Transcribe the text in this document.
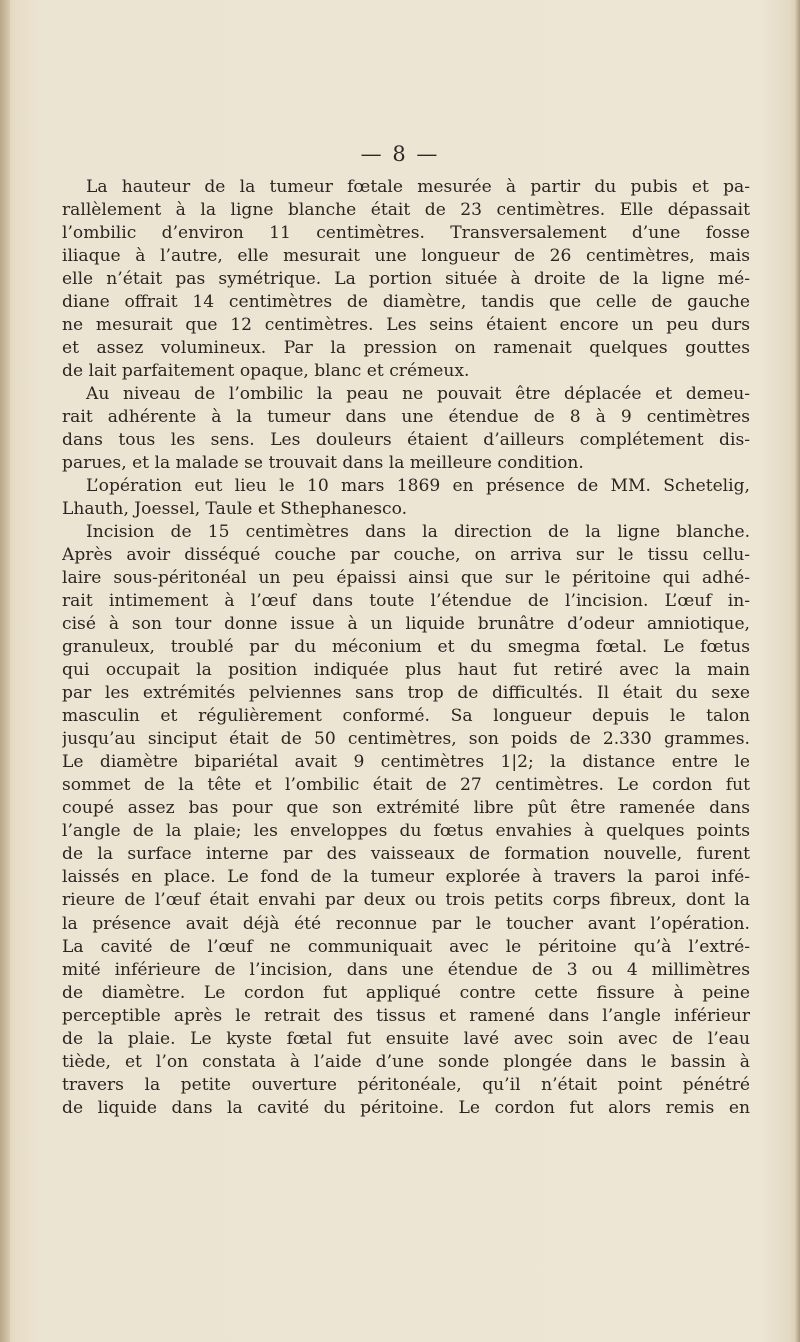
— 8 —
La hauteur de la tumeur fœtale mesurée à partir du pubis et pa-
rallèlement à la ligne blanche était de 23 centimètres. Elle dépassait
l’ombilic d’environ 11 centimètres. Transversalement d’une fosse
iliaque à l’autre, elle mesurait une longueur de 26 centimètres, mais
elle n’était pas symétrique. La portion située à droite de la ligne mé-
diane offrait 14 centimètres de diamètre, tandis que celle de gauche
ne mesurait que 12 centimètres. Les seins étaient encore un peu durs
et assez volumineux. Par la pression on ramenait quelques gouttes
de lait parfaitement opaque, blanc et crémeux.
Au niveau de l’ombilic la peau ne pouvait être déplacée et demeu-
rait adhérente à la tumeur dans une étendue de 8 à 9 centimètres
dans tous les sens. Les douleurs étaient d’ailleurs complétement dis-
parues, et la malade se trouvait dans la meilleure condition.
L’opération eut lieu le 10 mars 1869 en présence de MM. Schetelig,
Lhauth, Joessel, Taule et Sthephanesco.
Incision de 15 centimètres dans la direction de la ligne blanche.
Après avoir disséqué couche par couche, on arriva sur le tissu cellu-
laire sous-péritonéal un peu épaissi ainsi que sur le péritoine qui adhé-
rait intimement à l’œuf dans toute l’étendue de l’incision. L’œuf in-
cisé à son tour donne issue à un liquide brunâtre d’odeur amniotique,
granuleux, troublé par du méconium et du smegma fœtal. Le fœtus
qui occupait la position indiquée plus haut fut retiré avec la main
par les extrémités pelviennes sans trop de difficultés. Il était du sexe
masculin et régulièrement conformé. Sa longueur depuis le talon
jusqu’au sinciput était de 50 centimètres, son poids de 2.330 grammes.
Le diamètre bipariétal avait 9 centimètres 1|2; la distance entre le
sommet de la tête et l’ombilic était de 27 centimètres. Le cordon fut
coupé assez bas pour que son extrémité libre pût être ramenée dans
l’angle de la plaie; les enveloppes du fœtus envahies à quelques points
de la surface interne par des vaisseaux de formation nouvelle, furent
laissés en place. Le fond de la tumeur explorée à travers la paroi infé-
rieure de l’œuf était envahi par deux ou trois petits corps fibreux, dont la
la présence avait déjà été reconnue par le toucher avant l’opération.
La cavité de l’œuf ne communiquait avec le péritoine qu’à l’extré-
mité inférieure de l’incision, dans une étendue de 3 ou 4 millimètres
de diamètre. Le cordon fut appliqué contre cette fissure à peine
perceptible après le retrait des tissus et ramené dans l’angle inférieur
de la plaie. Le kyste fœtal fut ensuite lavé avec soin avec de l’eau
tiède, et l’on constata à l’aide d’une sonde plongée dans le bassin à
travers la petite ouverture péritonéale, qu’il n’était point pénétré
de liquide dans la cavité du péritoine. Le cordon fut alors remis en
